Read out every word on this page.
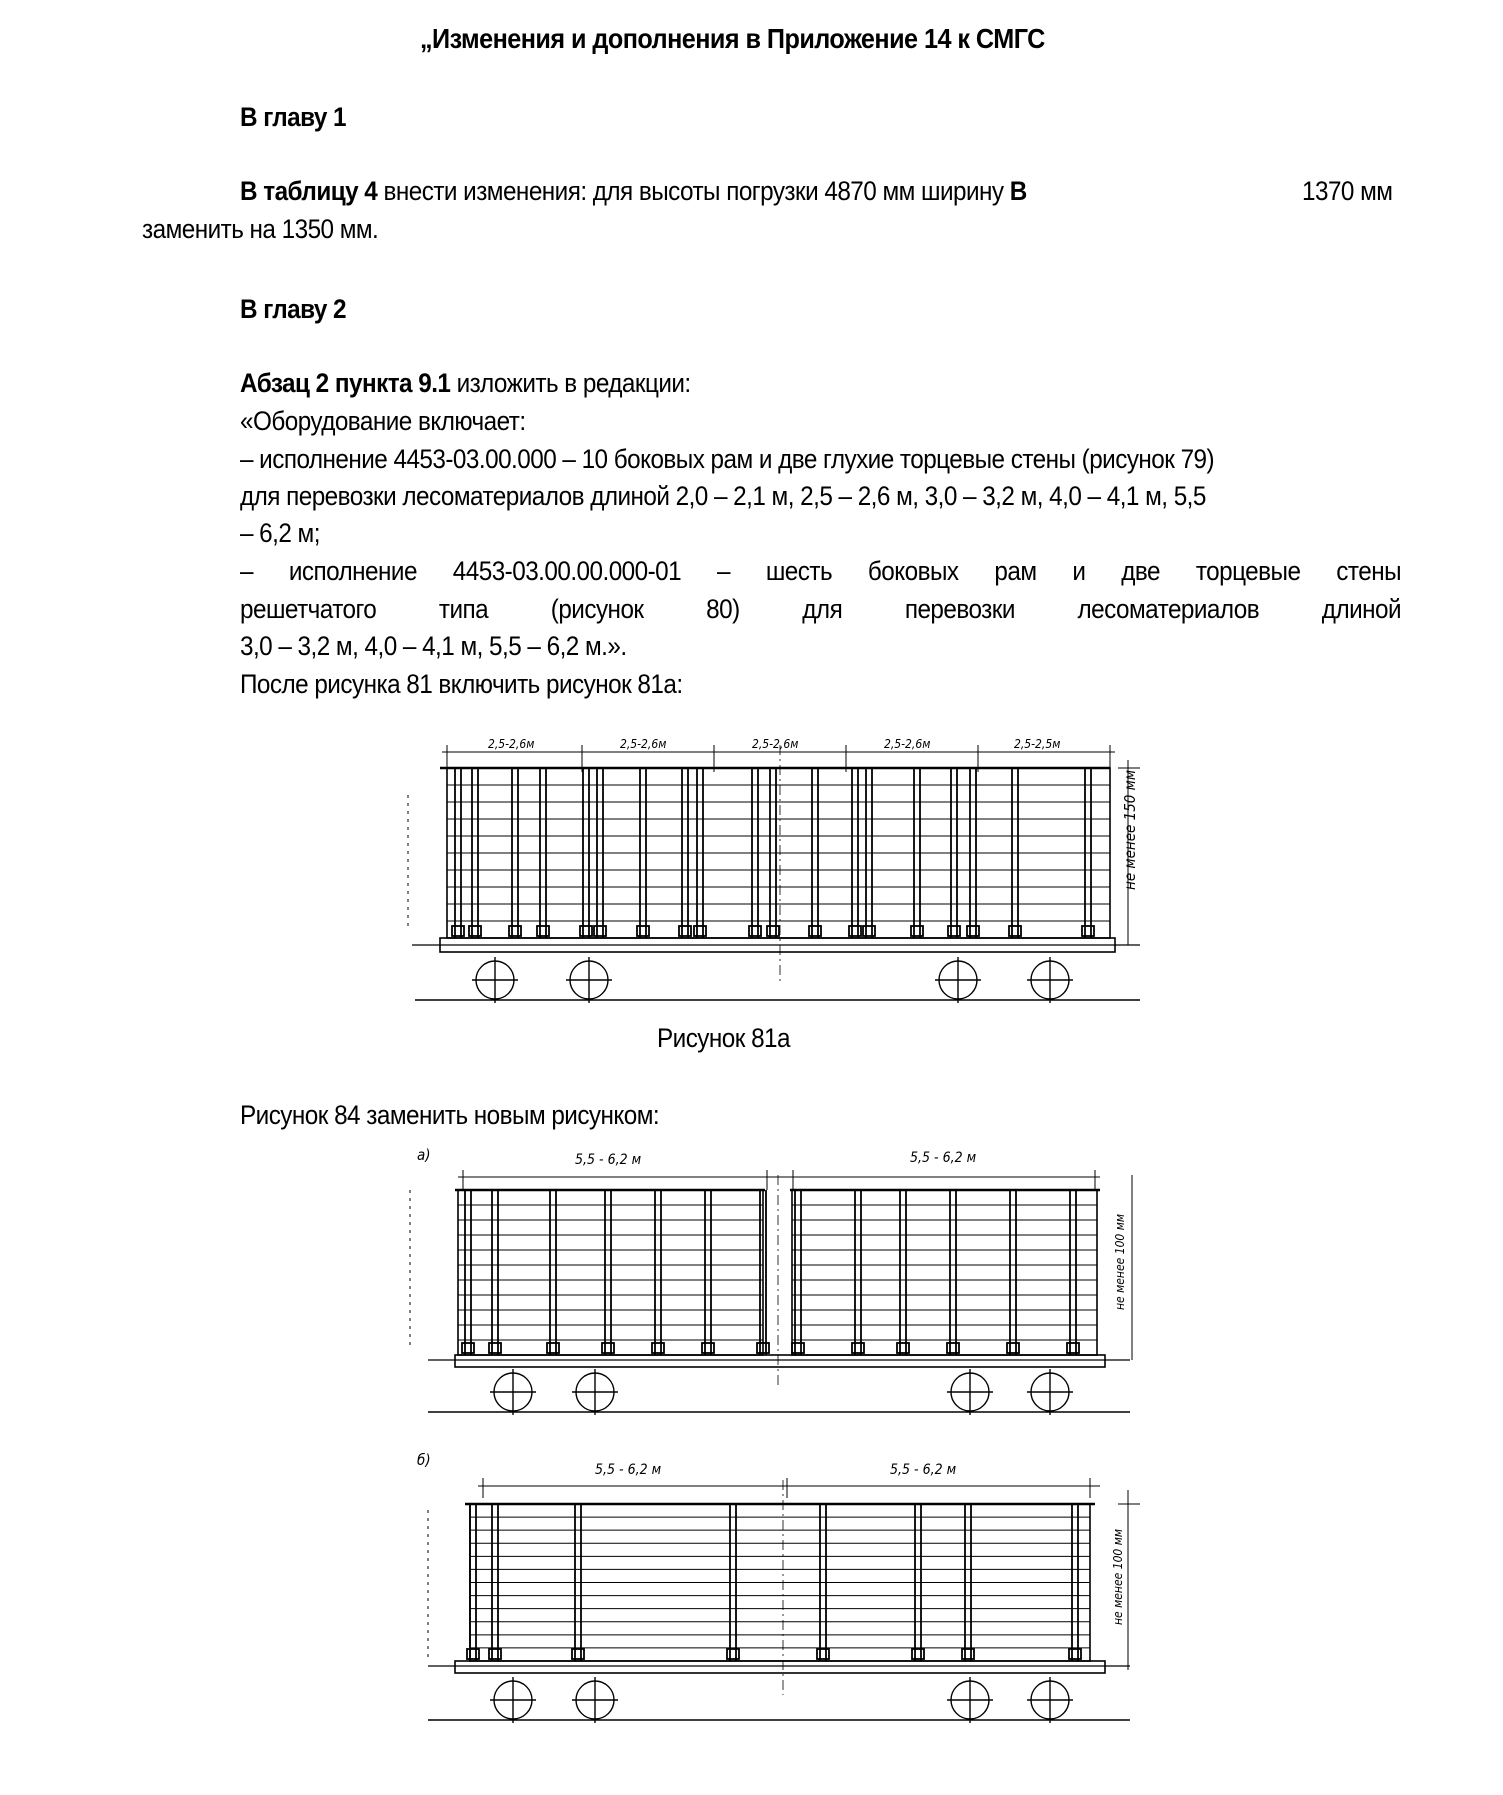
„Изменения и дополнения в Приложение 14 к СМГС
В главу 1
В таблицу 4 внести изменения: для высоты погрузки 4870 мм ширину В	1370 мм
заменить на 1350 мм.
В главу 2
Абзац 2 пункта 9.1 изложить в редакции:
«Оборудование включает:
– исполнение 4453-03.00.000 – 10 боковых рам и две глухие торцевые стены (рисунок 79)
для перевозки лесоматериалов длиной 2,0 – 2,1 м, 2,5 – 2,6 м, 3,0 – 3,2 м, 4,0 – 4,1 м, 5,5
– 6,2 м;
– исполнение 4453-03.00.00.000-01 – шесть боковых рам и две торцевые стены
решетчатого типа (рисунок 80) для перевозки лесоматериалов длиной
3,0 – 3,2 м, 4,0 – 4,1 м, 5,5 – 6,2 м.».
После рисунка 81 включить рисунок 81а:
Рисунок 81а
Рисунок 84 заменить новым рисунком:
2,5-2,6м	2,5-2,6м	2,5-2,6м	2,5-2,6м	2,5-2,5м
не менее 150 мм
а)	5,5 - 6,2 м	5,5 - 6,2 м
не менее 100 мм
б)
5,5 - 6,2 м	5,5 - 6,2 м
не менее 100 мм
